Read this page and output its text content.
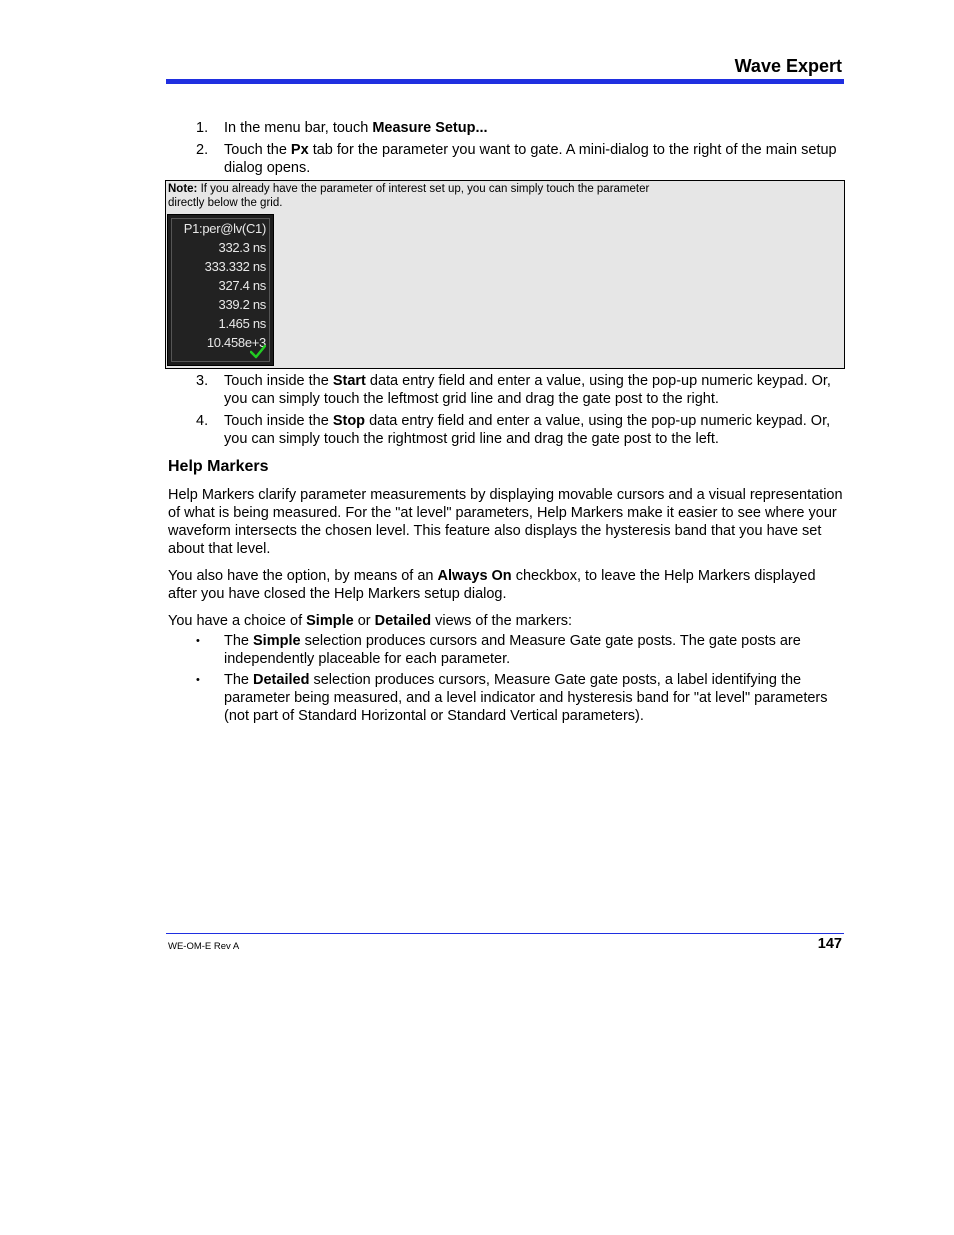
Wave Expert
1. In the menu bar, touch Measure Setup...
2. Touch the Px tab for the parameter you want to gate. A mini-dialog to the right of the main setup dialog opens.
Note: If you already have the parameter of interest set up, you can simply touch the parameter
directly below the grid.
P1:per@lv(C1)
332.3 ns
333.332 ns
327.4 ns
339.2 ns
1.465 ns
10.458e+3
3. Touch inside the Start data entry field and enter a value, using the pop-up numeric keypad. Or, you can simply touch the leftmost grid line and drag the gate post to the right.
4. Touch inside the Stop data entry field and enter a value, using the pop-up numeric keypad. Or, you can simply touch the rightmost grid line and drag the gate post to the left.
Help Markers

Help Markers clarify parameter measurements by displaying movable cursors and a visual representation of what is being measured. For the "at level" parameters, Help Markers make it easier to see where your waveform intersects the chosen level. This feature also displays the hysteresis band that you have set about that level.

You also have the option, by means of an Always On checkbox, to leave the Help Markers displayed after you have closed the Help Markers setup dialog.

You have a choice of Simple or Detailed views of the markers:

• The Simple selection produces cursors and Measure Gate gate posts. The gate posts are independently placeable for each parameter.
• The Detailed selection produces cursors, Measure Gate gate posts, a label identifying the parameter being measured, and a level indicator and hysteresis band for "at level" parameters (not part of Standard Horizontal or Standard Vertical parameters).
WE-OM-E Rev A	147
